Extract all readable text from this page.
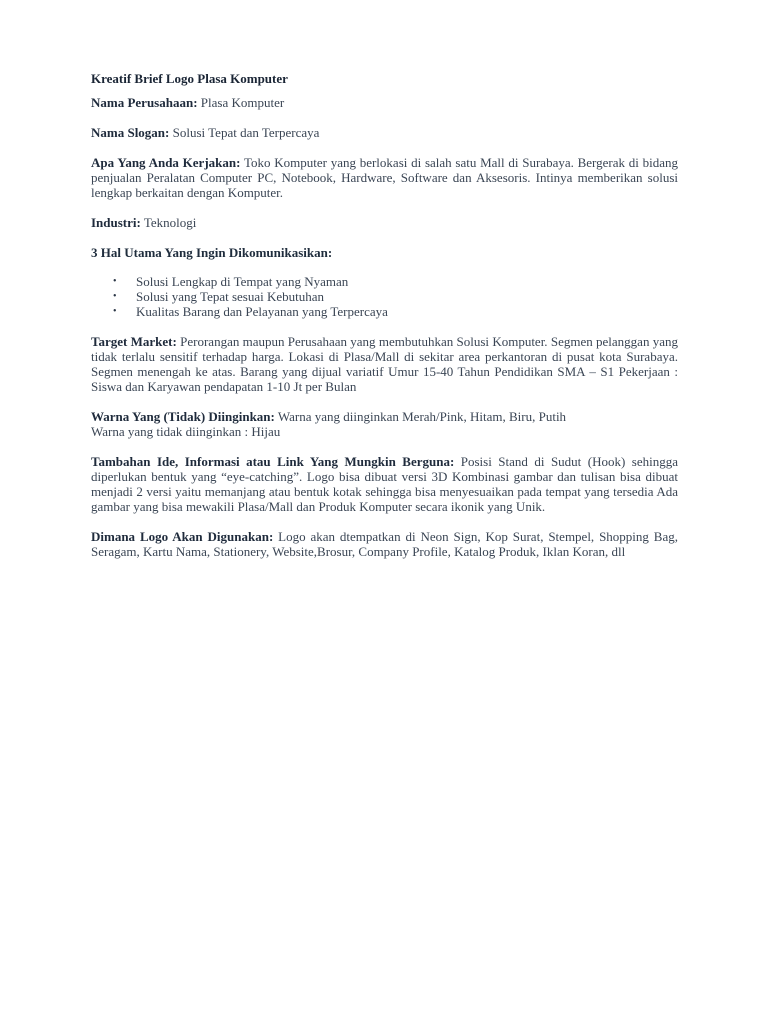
Kreatif Brief Logo Plasa Komputer
Nama Perusahaan: Plasa Komputer
Nama Slogan: Solusi Tepat dan Terpercaya
Apa Yang Anda Kerjakan: Toko Komputer yang berlokasi di salah satu Mall di Surabaya. Bergerak di bidang penjualan Peralatan Computer PC, Notebook, Hardware, Software dan Aksesoris. Intinya memberikan solusi lengkap berkaitan dengan Komputer.
Industri: Teknologi
3 Hal Utama Yang Ingin Dikomunikasikan:
• Solusi Lengkap di Tempat yang Nyaman
• Solusi yang Tepat sesuai Kebutuhan
• Kualitas Barang dan Pelayanan yang Terpercaya
Target Market: Perorangan maupun Perusahaan yang membutuhkan Solusi Komputer. Segmen pelanggan yang tidak terlalu sensitif terhadap harga. Lokasi di Plasa/Mall di sekitar area perkantoran di pusat kota Surabaya. Segmen menengah ke atas. Barang yang dijual variatif Umur 15-40 Tahun Pendidikan SMA – S1 Pekerjaan : Siswa dan Karyawan pendapatan 1-10 Jt per Bulan
Warna Yang (Tidak) Diinginkan: Warna yang diinginkan Merah/Pink, Hitam, Biru, Putih
Warna yang tidak diinginkan : Hijau
Tambahan Ide, Informasi atau Link Yang Mungkin Berguna: Posisi Stand di Sudut (Hook) sehingga diperlukan bentuk yang “eye-catching”. Logo bisa dibuat versi 3D Kombinasi gambar dan tulisan bisa dibuat menjadi 2 versi yaitu memanjang atau bentuk kotak sehingga bisa menyesuaikan pada tempat yang tersedia Ada gambar yang bisa mewakili Plasa/Mall dan Produk Komputer secara ikonik yang Unik.
Dimana Logo Akan Digunakan: Logo akan dtempatkan di Neon Sign, Kop Surat, Stempel, Shopping Bag, Seragam, Kartu Nama, Stationery, Website,Brosur, Company Profile, Katalog Produk, Iklan Koran, dll
